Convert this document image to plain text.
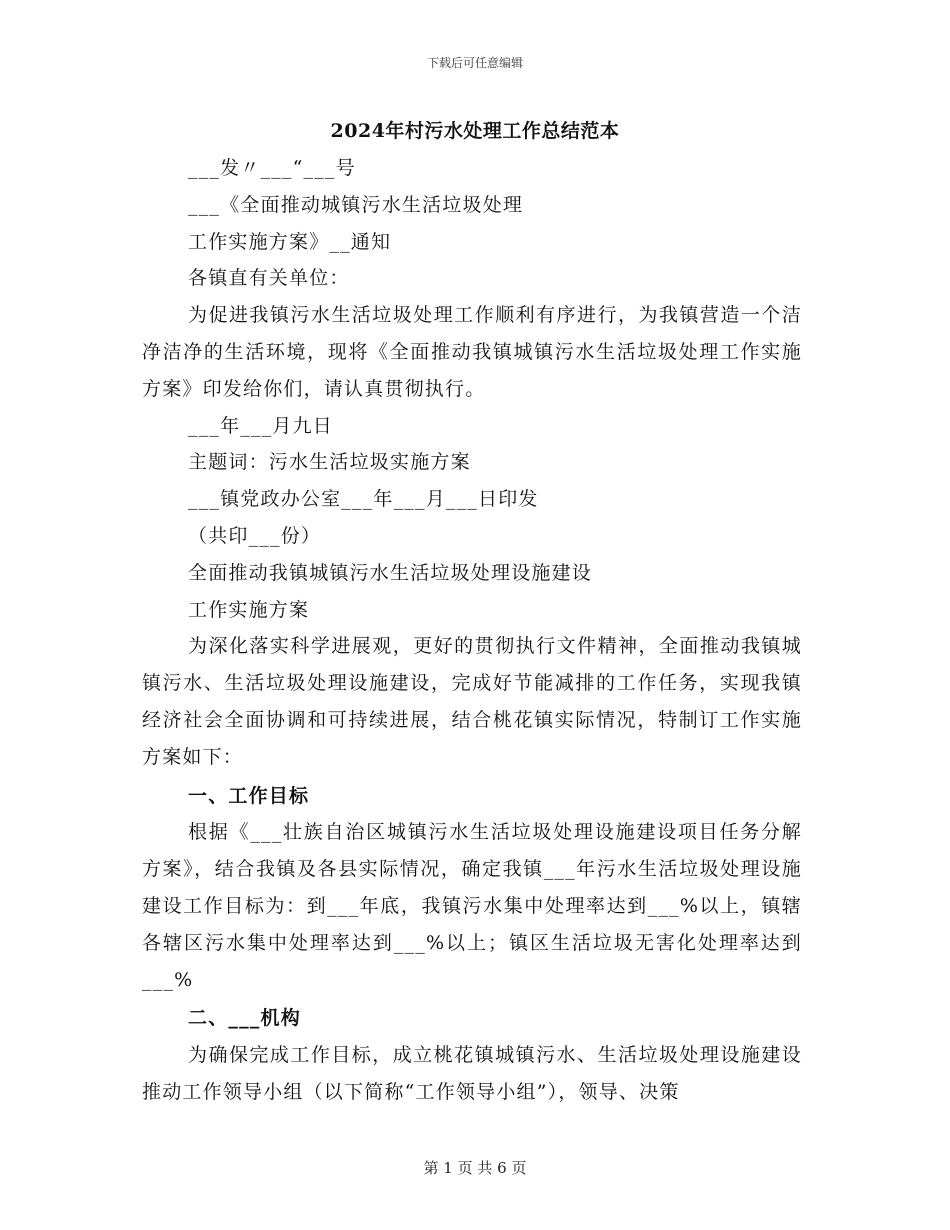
下载后可任意编辑
2024年村污水处理工作总结范本

___发〃___“___号

___《全面推动城镇污水生活垃圾处理

工作实施方案》__通知

各镇直有关单位：

为促进我镇污水生活垃圾处理工作顺利有序进行，为我镇营造一个洁净洁净的生活环境，现将《全面推动我镇城镇污水生活垃圾处理工作实施方案》印发给你们，请认真贯彻执行。

___年___月九日

主题词：污水生活垃圾实施方案

___镇党政办公室___年___月___日印发

（共印___份）

全面推动我镇城镇污水生活垃圾处理设施建设

工作实施方案

为深化落实科学进展观，更好的贯彻执行文件精神，全面推动我镇城镇污水、生活垃圾处理设施建设，完成好节能减排的工作任务，实现我镇经济社会全面协调和可持续进展，结合桃花镇实际情况，特制订工作实施方案如下：

一、工作目标

根据《___壮族自治区城镇污水生活垃圾处理设施建设项目任务分解方案》，结合我镇及各县实际情况，确定我镇___年污水生活垃圾处理设施建设工作目标为：到___年底，我镇污水集中处理率达到___%以上，镇辖各辖区污水集中处理率达到___%以上；镇区生活垃圾无害化处理率达到___%

二、___机构

为确保完成工作目标，成立桃花镇城镇污水、生活垃圾处理设施建设推动工作领导小组（以下简称“工作领导小组”），领导、决策

第 1 页 共 6 页
